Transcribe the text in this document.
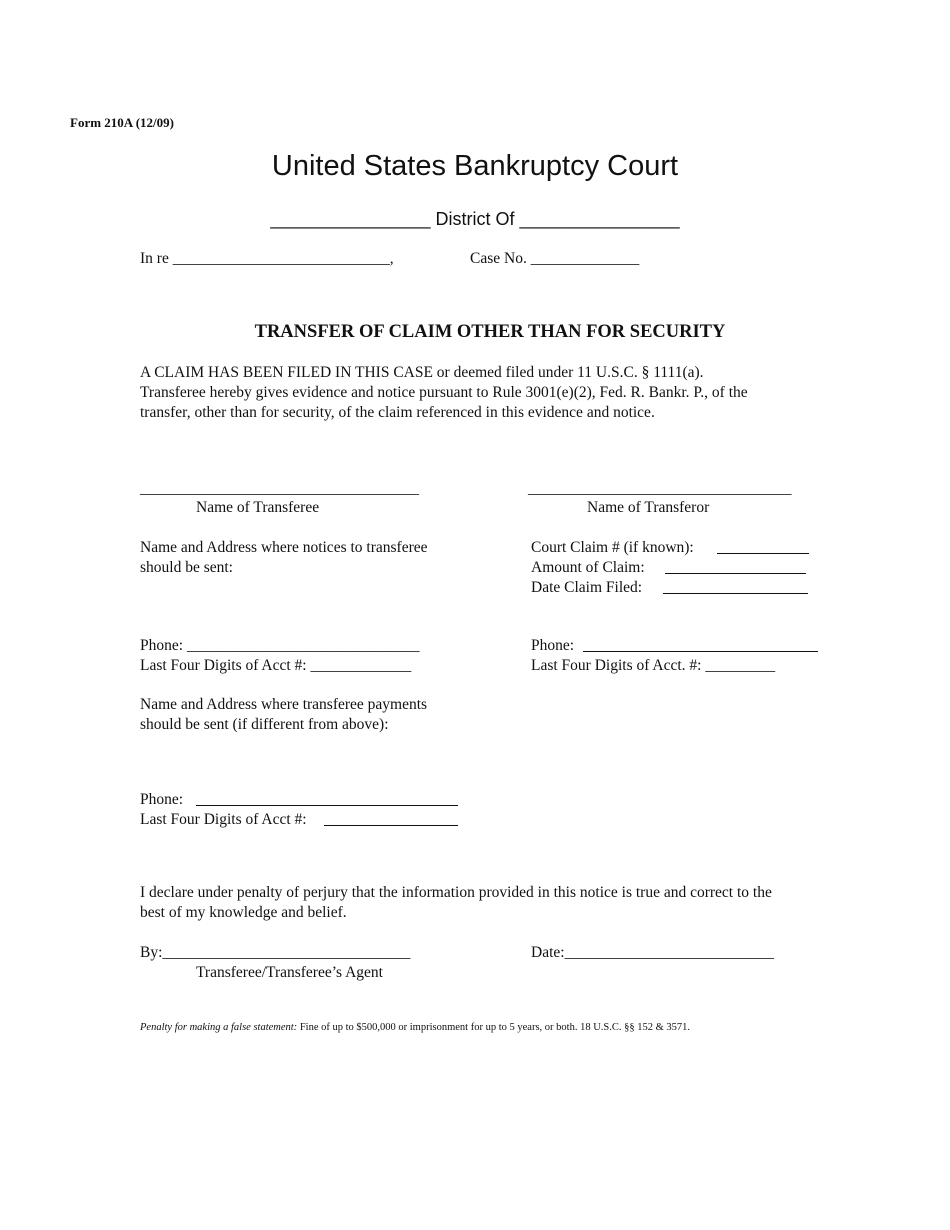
Form 210A (12/09)
United States Bankruptcy Court
________________ District Of ________________
In re ____________________________,	Case No. ______________
TRANSFER OF CLAIM OTHER THAN FOR SECURITY
A CLAIM HAS BEEN FILED IN THIS CASE or deemed filed under 11 U.S.C. § 1111(a).
Transferee hereby gives evidence and notice pursuant to Rule 3001(e)(2), Fed. R. Bankr. P., of the
transfer, other than for security, of the claim referenced in this evidence and notice.
____________________________________
Name of Transferee
__________________________________
Name of Transferor
Name and Address where notices to transferee
should be sent:
Court Claim # (if known):
Amount of Claim:
Date Claim Filed:
Phone: ______________________________
Last Four Digits of Acct #: _____________
Phone:
Last Four Digits of Acct. #: _________
Name and Address where transferee payments
should be sent (if different from above):
Phone:
Last Four Digits of Acct #:
I declare under penalty of perjury that the information provided in this notice is true and correct to the
best of my knowledge and belief.
By:________________________________
Transferee/Transferee’s Agent
Date:___________________________
Penalty for making a false statement: Fine of up to $500,000 or imprisonment for up to 5 years, or both. 18 U.S.C. §§ 152 & 3571.
